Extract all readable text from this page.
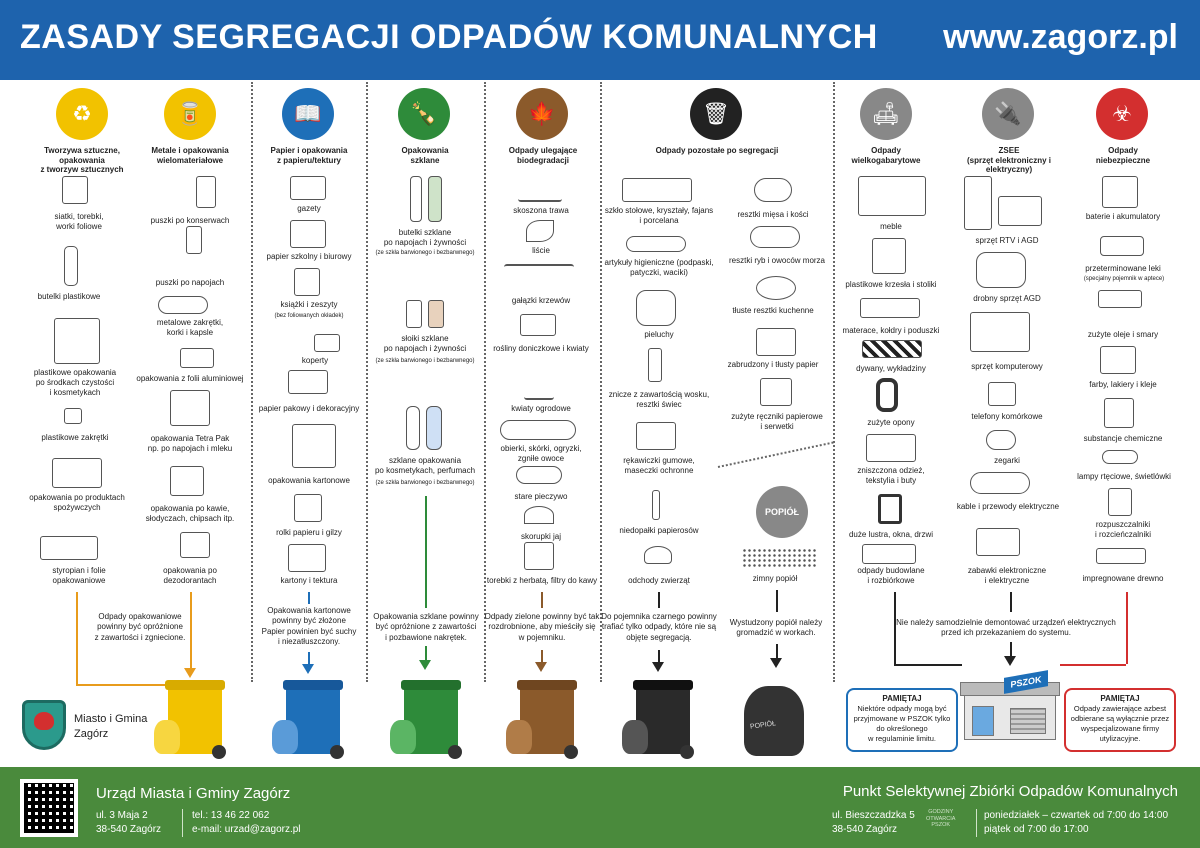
ZASADY SEGREGACJI ODPADÓW KOMUNALNYCH www.zagorz.pl
♻
Tworzywa sztuczne, opakowania
z tworzyw sztucznych
siatki, torebki,
worki foliowe
butelki plastikowe
plastikowe opakowania
po środkach czystości
i kosmetykach
plastikowe zakrętki
opakowania po produktach
spożywczych
styropian i folie
opakowaniowe
🥫
Metale i opakowania
wielomateriałowe
puszki po konserwach
puszki po napojach
metalowe zakrętki,
korki i kapsle
opakowania z folii aluminiowej
opakowania Tetra Pak
np. po napojach i mleku
opakowania po kawie,
słodyczach, chipsach itp.
opakowania po
dezodorantach
📖
Papier i opakowania
z papieru/tektury
gazety
papier szkolny i biurowy
książki i zeszyty
(bez foliowanych okładek)
koperty
papier pakowy i dekoracyjny
opakowania kartonowe
rolki papieru i gilzy
kartony i tektura
🍾
Opakowania
szklane
butelki szklane
po napojach i żywności
(ze szkła barwionego i bezbarwnego)
słoiki szklane
po napojach i żywności
(ze szkła barwionego i bezbarwnego)
szklane opakowania
po kosmetykach, perfumach
(ze szkła barwionego i bezbarwnego)
🍁
Odpady ulegające biodegradacji
skoszona trawa
liście
gałązki krzewów
rośliny doniczkowe i kwiaty
kwiaty ogrodowe
obierki, skórki, ogryzki,
zgniłe owoce
stare pieczywo
skorupki jaj
torebki z herbatą, filtry do kawy
🗑
Odpady pozostałe po segregacji
szkło stołowe, kryształy, fajans
i porcelana
artykuły higieniczne (podpaski,
patyczki, waciki)
pieluchy
znicze z zawartością wosku,
resztki świec
rękawiczki gumowe,
maseczki ochronne
niedopałki papierosów
odchody zwierząt
resztki mięsa i kości
resztki ryb i owoców morza
tłuste resztki kuchenne
zabrudzony i tłusty papier
zużyte ręczniki papierowe
i serwetki
POPIÓŁ
zimny popiół
🛋
Odpady
wielkogabarytowe
meble
plastikowe krzesła i stoliki
materace, kołdry i poduszki
dywany, wykładziny
zużyte opony
zniszczona odzież,
tekstylia i buty
duże lustra, okna, drzwi
odpady budowlane
i rozbiórkowe
🔌
ZSEE
(sprzęt elektroniczny i elektryczny)
sprzęt RTV i AGD
drobny sprzęt AGD
sprzęt komputerowy
telefony komórkowe
zegarki
kable i przewody elektryczne
zabawki elektroniczne
i elektryczne
☣
Odpady
niebezpieczne
baterie i akumulatory
przeterminowane leki
(specjalny pojemnik w aptece)
zużyte oleje i smary
farby, lakiery i kleje
substancje chemiczne
lampy rtęciowe, świetlówki
rozpuszczalniki
i rozcieńczalniki
impregnowane drewno
Odpady opakowaniowe
powinny być opróżnione
z zawartości i zgniecione.
Opakowania kartonowe
powinny być złożone
Papier powinien być suchy
i niezatłuszczony.
Opakowania szklane powinny
być opróżnione z zawartości
i pozbawione nakrętek.
Odpady zielone powinny być tak
rozdrobnione, aby mieściły się
w pojemniku.
Do pojemnika czarnego powinny
trafiać tylko odpady, które nie są
objęte segregacją.
Wystudzony popiół należy
gromadzić w workach.
Nie należy samodzielnie demontować urządzeń elektrycznych
przed ich przekazaniem do systemu.
Miasto i Gmina
Zagórz
POPIÓŁ
PAMIĘTAJ
Niektóre odpady mogą być
przyjmowane w PSZOK tylko
do określonego
w regulaminie limitu.
PAMIĘTAJ
Odpady zawierające azbest
odbierane są wyłącznie przez
wyspecjalizowane firmy
utylizacyjne.
PSZOK
Urząd Miasta i Gminy Zagórz
ul. 3 Maja 2
38-540 Zagórz
tel.: 13 46 22 062
e-mail: urzad@zagorz.pl
Punkt Selektywnej Zbiórki Odpadów Komunalnych
ul. Bieszczadzka 5
38-540 Zagórz
GODZINY
OTWARCIA
PSZOK
poniedziałek – czwartek od 7:00 do 14:00
piątek od 7:00 do 17:00
